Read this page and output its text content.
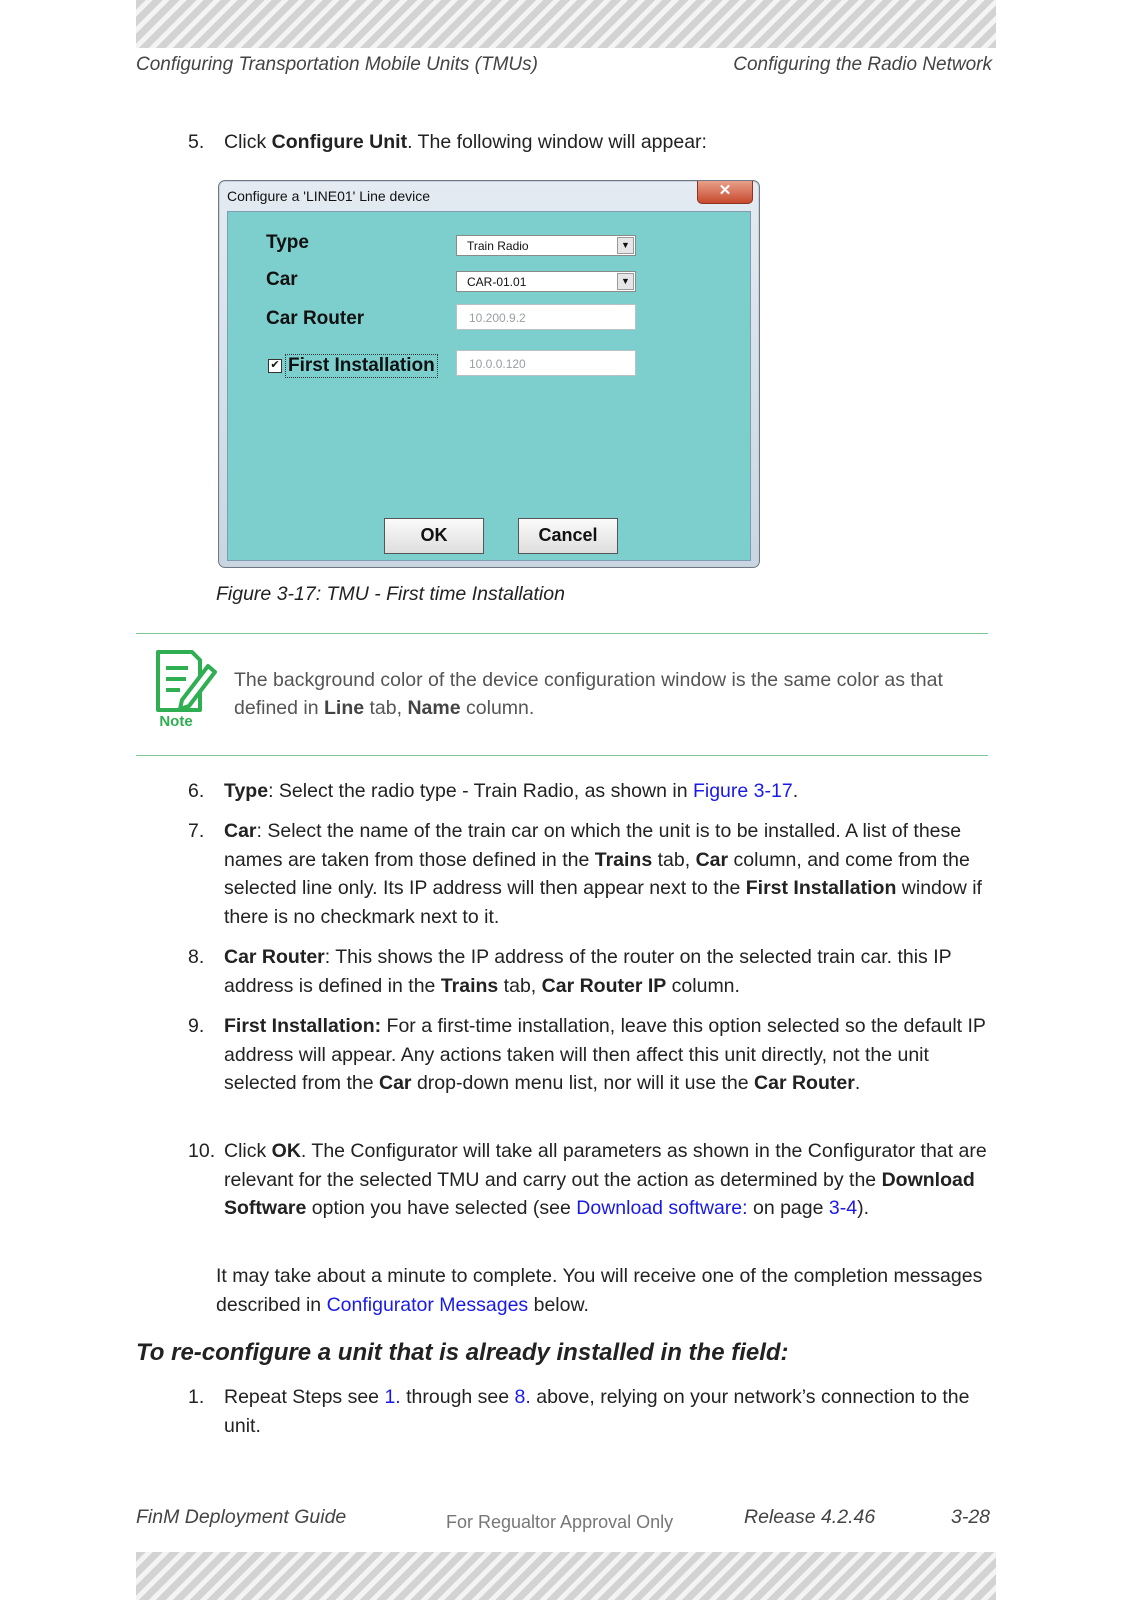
Configuring Transportation Mobile Units (TMUs)	Configuring the Radio Network
5. Click Configure Unit. The following window will appear:
Configure a 'LINE01' Line device	✕
Type	Train Radio	▼
Car	CAR-01.01	▼
Car Router	10.200.9.2
✔ First Installation	10.0.0.120
OK	Cancel
Figure 3-17: TMU - First time Installation
Note
The background color of the device configuration window is the same color as that defined in Line tab, Name column.
6. Type: Select the radio type - Train Radio, as shown in Figure 3-17.
7. Car: Select the name of the train car on which the unit is to be installed. A list of these names are taken from those defined in the Trains tab, Car column, and come from the selected line only. Its IP address will then appear next to the First Installation window if there is no checkmark next to it.
8. Car Router: This shows the IP address of the router on the selected train car. this IP address is defined in the Trains tab, Car Router IP column.
9. First Installation: For a first-time installation, leave this option selected so the default IP address will appear. Any actions taken will then affect this unit directly, not the unit selected from the Car drop-down menu list, nor will it use the Car Router.
10. Click OK. The Configurator will take all parameters as shown in the Configurator that are relevant for the selected TMU and carry out the action as determined by the Download Software option you have selected (see Download software: on page 3-4).
It may take about a minute to complete. You will receive one of the completion messages described in Configurator Messages below.
To re-configure a unit that is already installed in the field:
1. Repeat Steps see 1. through see 8. above, relying on your network’s connection to the unit.
FinM Deployment Guide	For Regualtor Approval Only	Release 4.2.46	3-28
